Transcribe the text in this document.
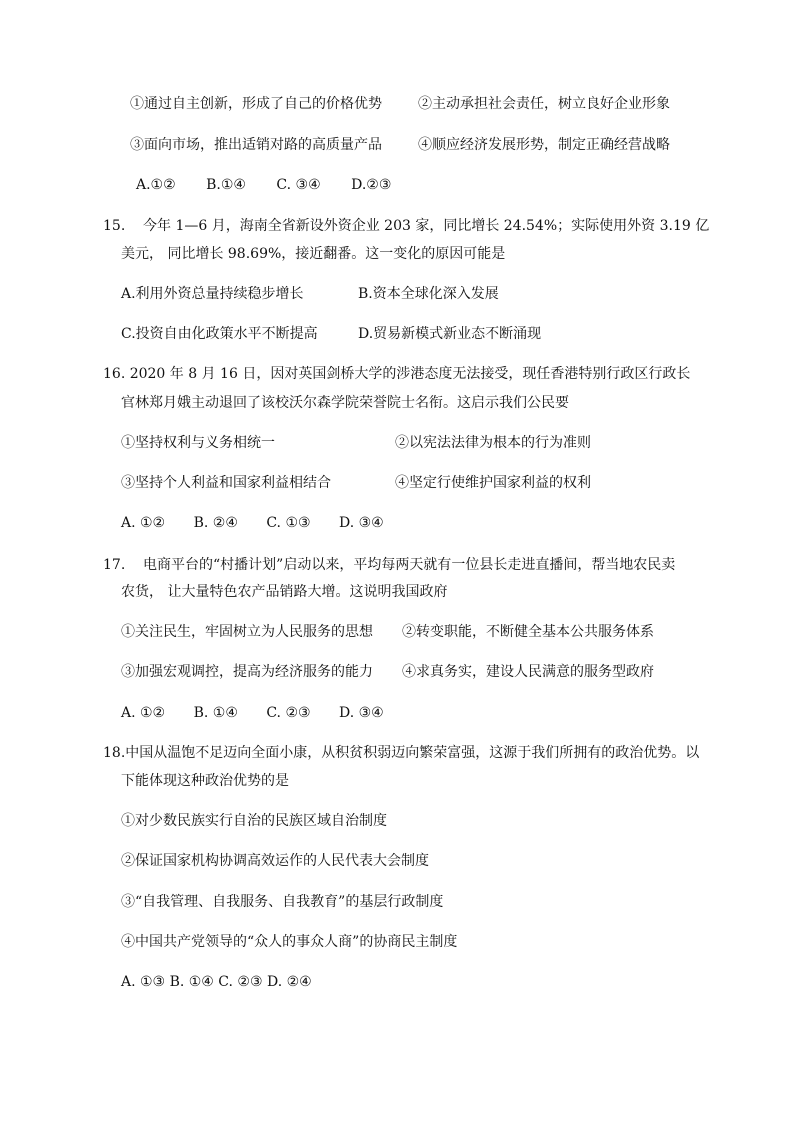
①通过自主创新，形成了自己的价格优势	②主动承担社会责任，树立良好企业形象
③面向市场，推出适销对路的高质量产品	④顺应经济发展形势，制定正确经营战略
A.①② B.①④ C. ③④ D.②③
15. 今年 1—6 月，海南全省新设外资企业 203 家，同比增长 24.54%；实际使用外资 3.19 亿
美元， 同比增长 98.69%，接近翻番。这一变化的原因可能是
A.利用外资总量持续稳步增长	B.资本全球化深入发展
C.投资自由化政策水平不断提高	D.贸易新模式新业态不断涌现
16. 2020 年 8 月 16 日，因对英国剑桥大学的涉港态度无法接受，现任香港特别行政区行政长
官林郑月娥主动退回了该校沃尔森学院荣誉院士名衔。这启示我们公民要
①坚持权利与义务相统一	②以宪法法律为根本的行为准则
③坚持个人利益和国家利益相结合	④坚定行使维护国家利益的权利
A. ①② B. ②④ C. ①③ D. ③④
17. 电商平台的“村播计划”启动以来，平均每两天就有一位县长走进直播间，帮当地农民卖
农货， 让大量特色农产品销路大增。这说明我国政府
①关注民生，牢固树立为人民服务的思想 ②转变职能，不断健全基本公共服务体系
③加强宏观调控，提高为经济服务的能力 ④求真务实，建设人民满意的服务型政府
A. ①② B. ①④ C. ②③ D. ③④
18.中国从温饱不足迈向全面小康，从积贫积弱迈向繁荣富强，这源于我们所拥有的政治优势。以
下能体现这种政治优势的是
①对少数民族实行自治的民族区域自治制度
②保证国家机构协调高效运作的人民代表大会制度
③“自我管理、自我服务、自我教育”的基层行政制度
④中国共产党领导的“众人的事众人商”的协商民主制度
A. ①③ B. ①④ C. ②③ D. ②④
